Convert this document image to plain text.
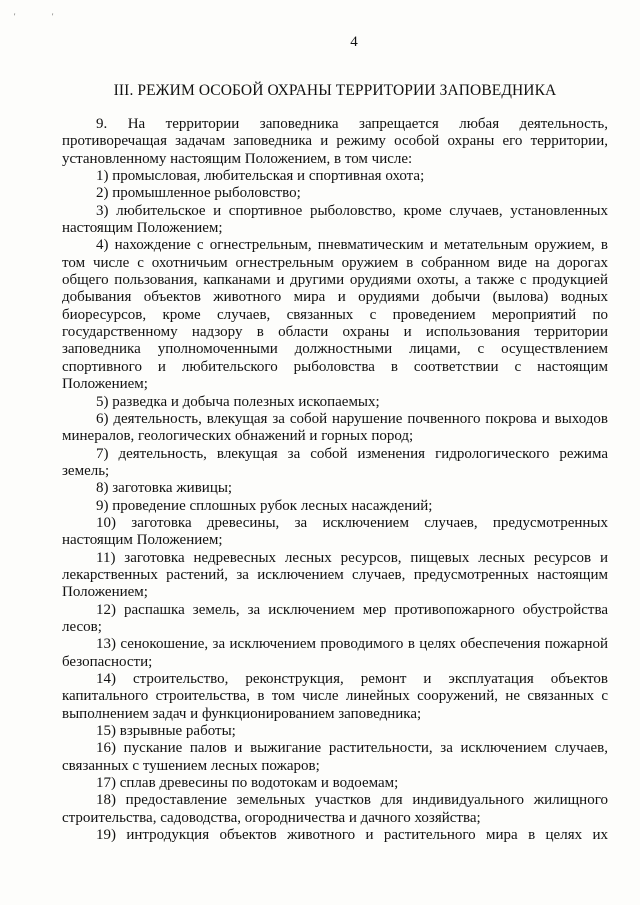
'	'
4
III. РЕЖИМ ОСОБОЙ ОХРАНЫ ТЕРРИТОРИИ ЗАПОВЕДНИКА

9. На территории заповедника запрещается любая деятельность, противоречащая задачам заповедника и режиму особой охраны его территории, установленному настоящим Положением, в том числе:

1) промысловая, любительская и спортивная охота;

2) промышленное рыболовство;

3) любительское и спортивное рыболовство, кроме случаев, установленных настоящим Положением;

4) нахождение с огнестрельным, пневматическим и метательным оружием, в том числе с охотничьим огнестрельным оружием в собранном виде на дорогах общего пользования, капканами и другими орудиями охоты, а также с продукцией добывания объектов животного мира и орудиями добычи (вылова) водных биоресурсов, кроме случаев, связанных с проведением мероприятий по государственному надзору в области охраны и использования территории заповедника уполномоченными должностными лицами, с осуществлением спортивного и любительского рыболовства в соответствии с настоящим Положением;

5) разведка и добыча полезных ископаемых;

6) деятельность, влекущая за собой нарушение почвенного покрова и выходов минералов, геологических обнажений и горных пород;

7) деятельность, влекущая за собой изменения гидрологического режима земель;

8) заготовка живицы;

9) проведение сплошных рубок лесных насаждений;

10) заготовка древесины, за исключением случаев, предусмотренных настоящим Положением;

11) заготовка недревесных лесных ресурсов, пищевых лесных ресурсов и лекарственных растений, за исключением случаев, предусмотренных настоящим Положением;

12) распашка земель, за исключением мер противопожарного обустройства лесов;

13) сенокошение, за исключением проводимого в целях обеспечения пожарной безопасности;

14) строительство, реконструкция, ремонт и эксплуатация объектов капитального строительства, в том числе линейных сооружений, не связанных с выполнением задач и функционированием заповедника;

15) взрывные работы;

16) пускание палов и выжигание растительности, за исключением случаев, связанных с тушением лесных пожаров;

17) сплав древесины по водотокам и водоемам;

18) предоставление земельных участков для индивидуального жилищного строительства, садоводства, огородничества и дачного хозяйства;

19) интродукция объектов животного и растительного мира в целях их
